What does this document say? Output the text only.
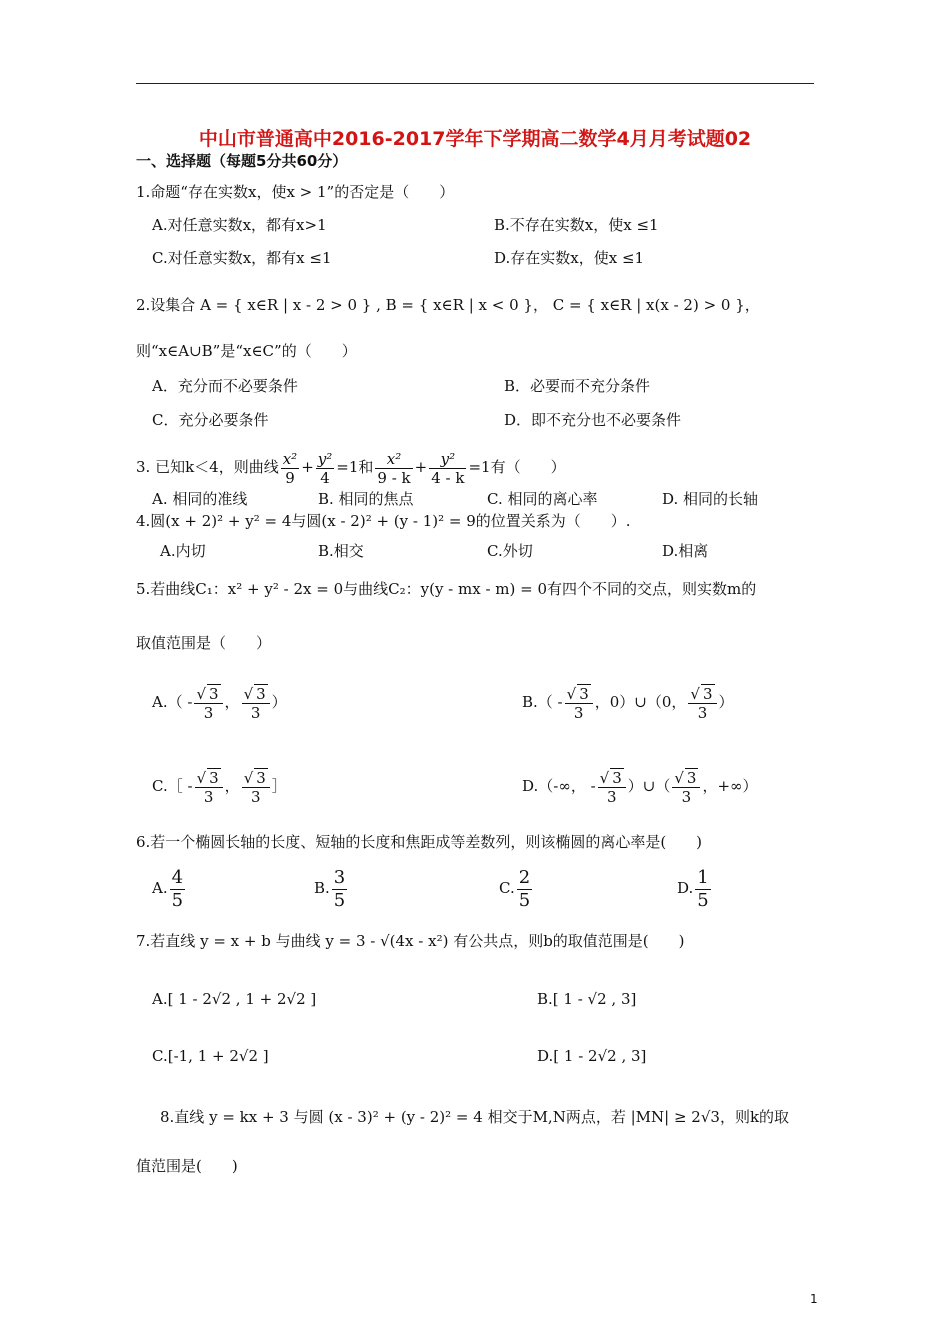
中山市普通高中2016-2017学年下学期高二数学4月月考试题02
一、选择题（每题5分共60分）
1.命题“存在实数x，使x > 1”的否定是（　　）
A.对任意实数x，都有x>1	B.不存在实数x，使x ≤1
C.对任意实数x，都有x ≤1	D.存在实数x，使x ≤1
2.设集合 A = { x∈R | x - 2 > 0 } , B = { x∈R | x < 0 }， C = { x∈R | x(x - 2) > 0 }，
则“x∈A∪B”是“x∈C”的（　　）
A．充分而不必要条件	B．必要而不充分条件
C．充分必要条件	D．即不充分也不必要条件
3. 已知k＜4，则曲线 $\frac{\text{x²}}{9} + \frac{\text{y²}}{4} =1$和 $\frac{\text{x²}}{9 - k} + \frac{\text{y²}}{4 - k} =1$有（　　）
A. 相同的准线	B. 相同的焦点	C. 相同的离心率	D. 相同的长轴
4.圆(x + 2)² + y² = 4与圆(x - 2)² + (y - 1)² = 9的位置关系为（　　）.
A.内切	B.相交	C.外切	D.相离
5.若曲线C₁：x² + y² - 2x = 0与曲线C₂：y(y - mx - m) = 0有四个不同的交点，则实数m的
取值范围是（　　）
$A.( - \frac{√ 3}{3}$ ， $\frac{√ 3}{3}$ ）	$B.( - \frac{√ 3}{3}$ ，0）∪（0， $\frac{√ 3}{3}$ ）
C.［ - $\frac{√ 3}{3}$ ， $\frac{√ 3}{3}$ ］	D.（-∞， - $\frac{√ 3}{3}$ ）∪（ $\frac{√ 3}{3}$ ，+∞）
6.若一个椭圆长轴的长度、短轴的长度和焦距成等差数列，则该椭圆的离心率是(　　)
A. $\frac{4}{5}$	B. $\frac{3}{5}$	C. $\frac{2}{5}$	D. $\frac{1}{5}$
7.若直线 y = x + b 与曲线 y = 3 - √(4x - x²) 有公共点，则b的取值范围是(　　)
A.[ 1 - 2√2 , 1 + 2√2 ]	B.[ 1 - √2 , 3]
C.[-1, 1 + 2√2 ]	D.[ 1 - 2√2 , 3]
8.直线 y = kx + 3 与圆 (x - 3)² + (y - 2)² = 4 相交于M,N两点，若 |MN| ≥ 2√3，则k的取
值范围是(　　)
1
